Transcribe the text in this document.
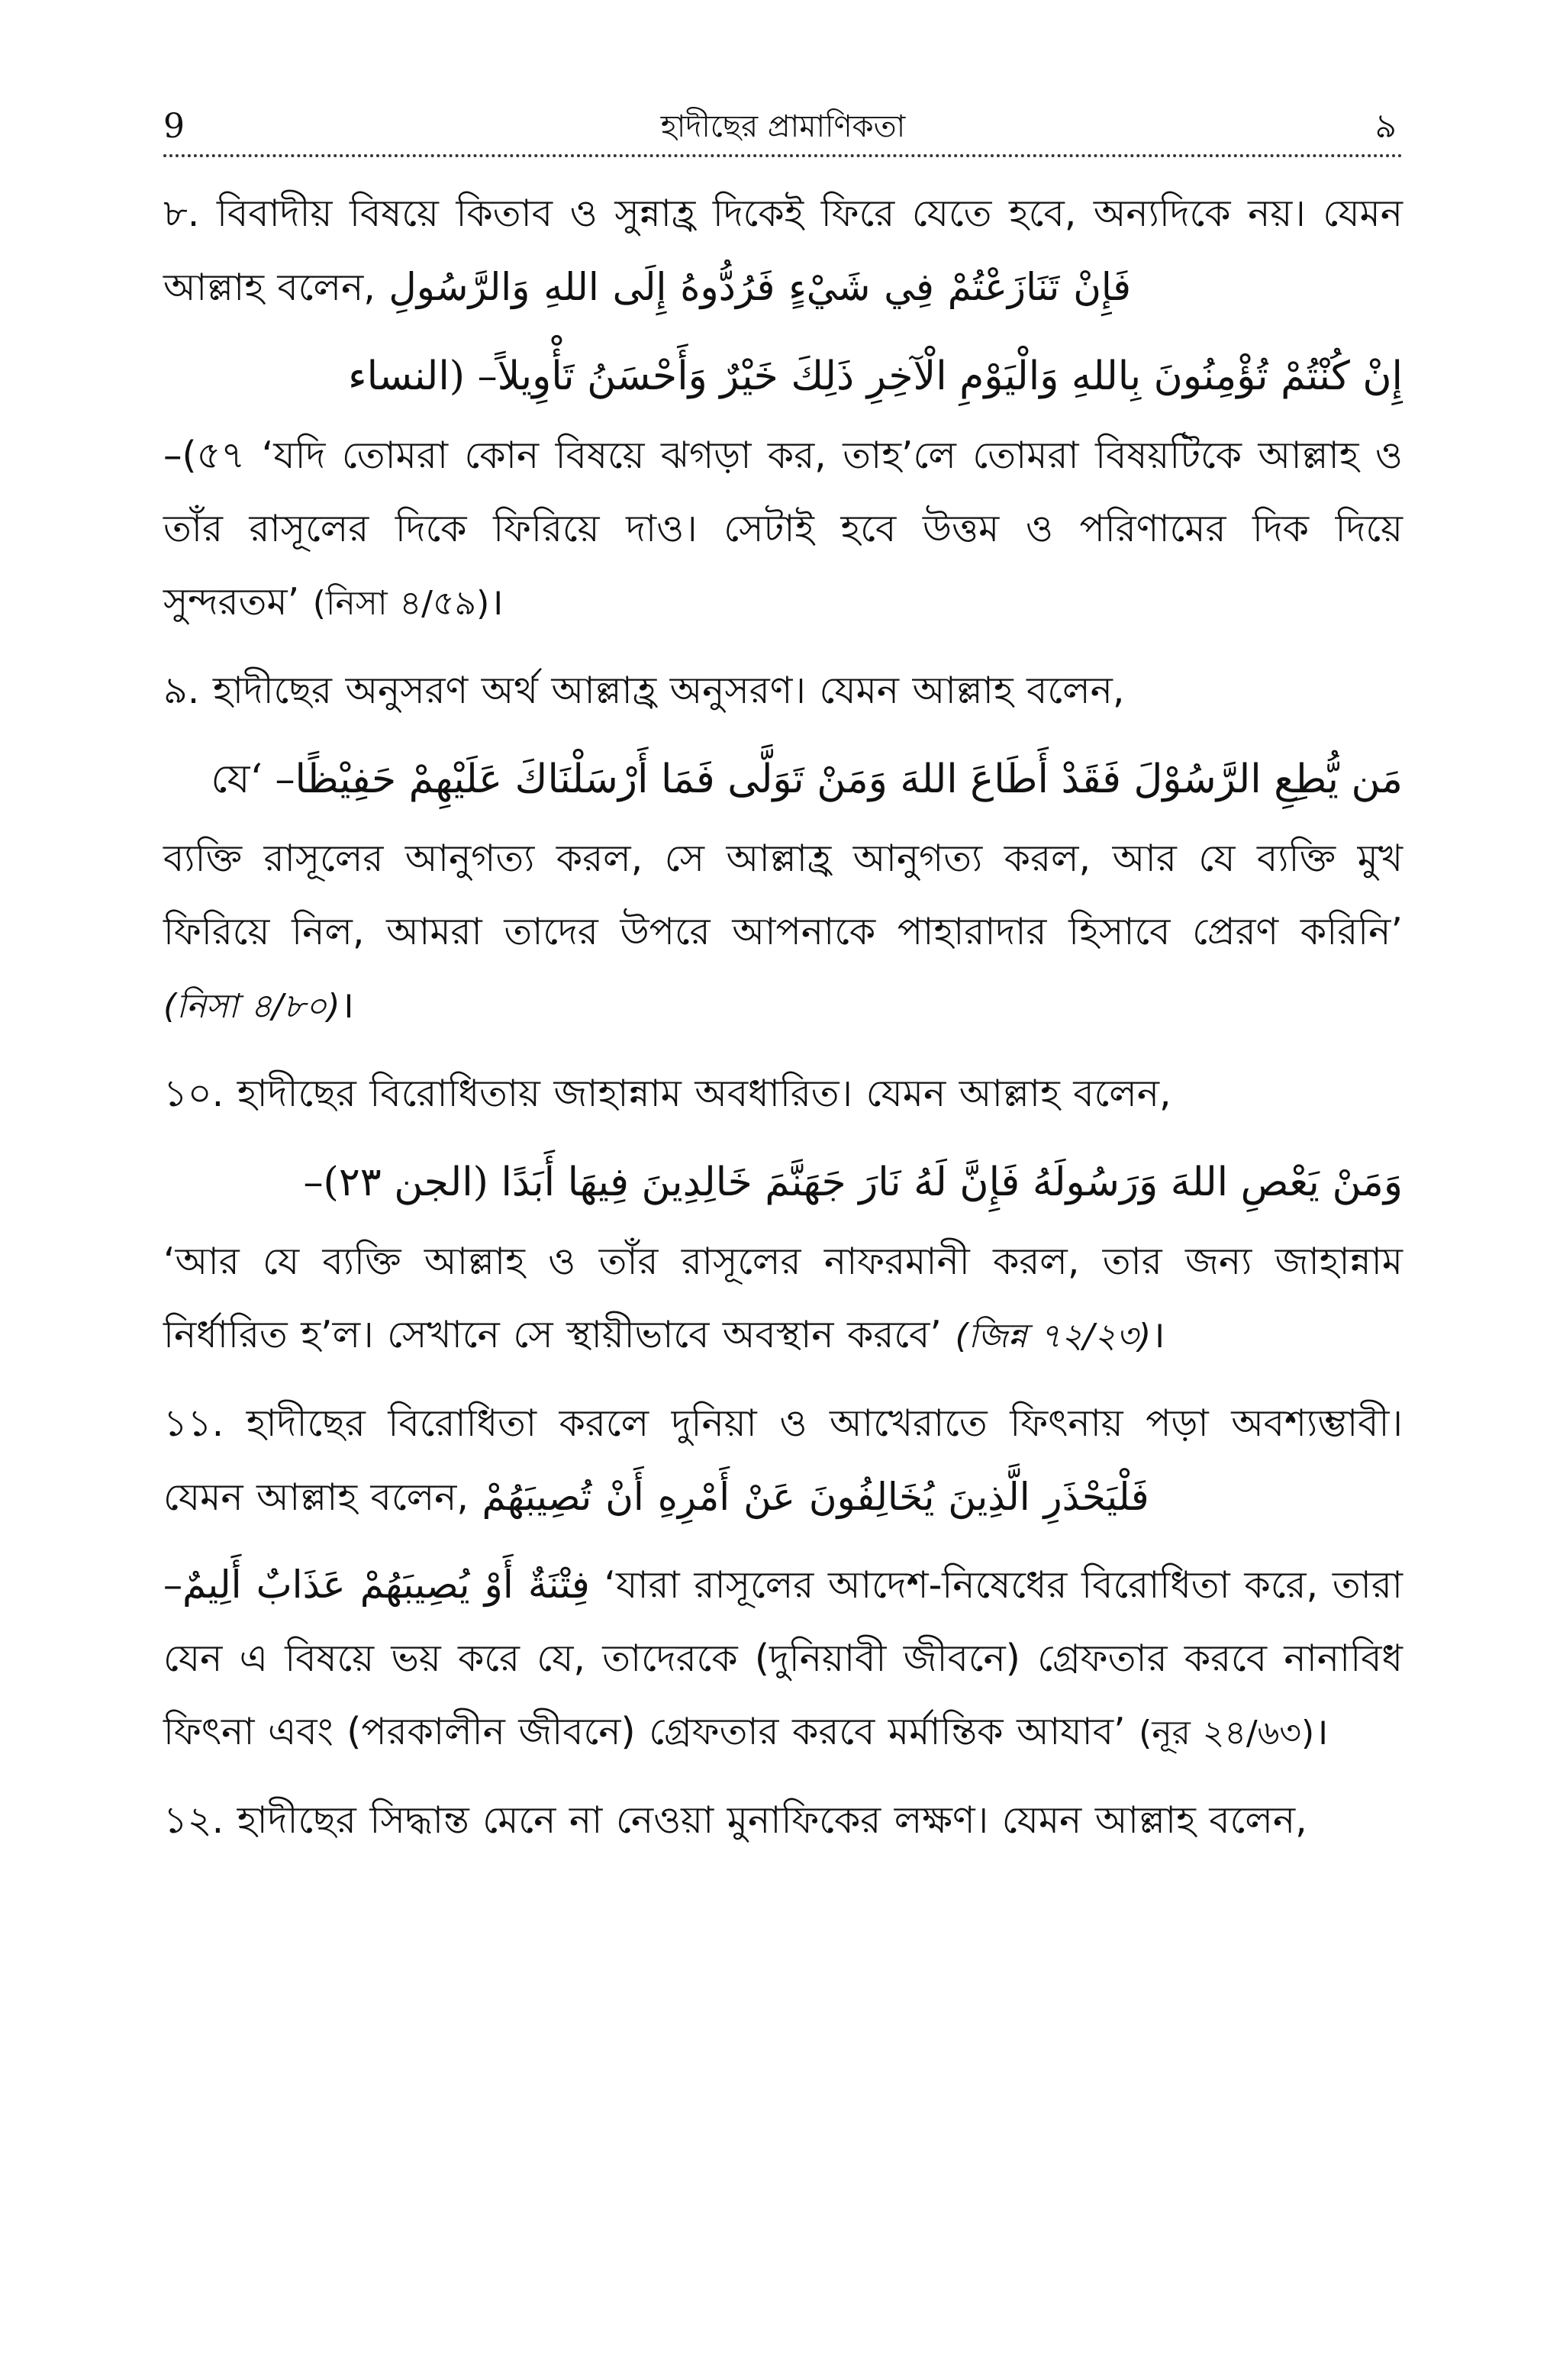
9	হাদীছের প্রামাণিকতা	৯
৮. বিবাদীয় বিষয়ে কিতাব ও সুন্নাহ্র দিকেই ফিরে যেতে হবে, অন্যদিকে নয়। যেমন আল্লাহ বলেন, فَإِنْ تَنَازَعْتُمْ فِي شَيْءٍ فَرُدُّوهُ إِلَى اللهِ وَالرَّسُولِ
إِنْ كُنْتُمْ تُؤْمِنُونَ بِاللهِ وَالْيَوْمِ الْآخِرِ ذَلِكَ خَيْرٌ وَأَحْسَنُ تَأْوِيلاً– (النساء
–(৫৭ ‘যদি তোমরা কোন বিষয়ে ঝগড়া কর, তাহ’লে তোমরা বিষয়টিকে আল্লাহ ও তাঁর রাসূলের দিকে ফিরিয়ে দাও। সেটাই হবে উত্তম ও পরিণামের দিক দিয়ে সুন্দরতম’ (নিসা ৪/৫৯)।
৯. হাদীছের অনুসরণ অর্থ আল্লাহ্র অনুসরণ। যেমন আল্লাহ বলেন,
مَن يُّطِعِ الرَّسُوْلَ فَقَدْ أَطَاعَ اللهَ وَمَنْ تَوَلَّى فَمَا أَرْسَلْنَاكَ عَلَيْهِمْ حَفِيْظًا– ‘যে
ব্যক্তি রাসূলের আনুগত্য করল, সে আল্লাহ্র আনুগত্য করল, আর যে ব্যক্তি মুখ ফিরিয়ে নিল, আমরা তাদের উপরে আপনাকে পাহারাদার হিসাবে প্রেরণ করিনি’ (নিসা ৪/৮০)।
১০. হাদীছের বিরোধিতায় জাহান্নাম অবধারিত। যেমন আল্লাহ বলেন,
وَمَنْ يَعْصِ اللهَ وَرَسُولَهُ فَإِنَّ لَهُ نَارَ جَهَنَّمَ خَالِدِينَ فِيهَا أَبَدًا (الجن ٢٣)–
‘আর যে ব্যক্তি আল্লাহ ও তাঁর রাসূলের নাফরমানী করল, তার জন্য জাহান্নাম নির্ধারিত হ’ল। সেখানে সে স্থায়ীভাবে অবস্থান করবে’ (জিন্ন ৭২/২৩)।
১১. হাদীছের বিরোধিতা করলে দুনিয়া ও আখেরাতে ফিৎনায় পড়া অবশ্যম্ভাবী। যেমন আল্লাহ বলেন, فَلْيَحْذَرِ الَّذِينَ يُخَالِفُونَ عَنْ أَمْرِهِ أَنْ تُصِيبَهُمْ
فِتْنَةٌ أَوْ يُصِيبَهُمْ عَذَابٌ أَلِيمٌ– ‘যারা রাসূলের আদেশ-নিষেধের বিরোধিতা করে, তারা যেন এ বিষয়ে ভয় করে যে, তাদেরকে (দুনিয়াবী জীবনে) গ্রেফতার করবে নানাবিধ ফিৎনা এবং (পরকালীন জীবনে) গ্রেফতার করবে মর্মান্তিক আযাব’ (নূর ২৪/৬৩)।
১২. হাদীছের সিদ্ধান্ত মেনে না নেওয়া মুনাফিকের লক্ষণ। যেমন আল্লাহ বলেন,
